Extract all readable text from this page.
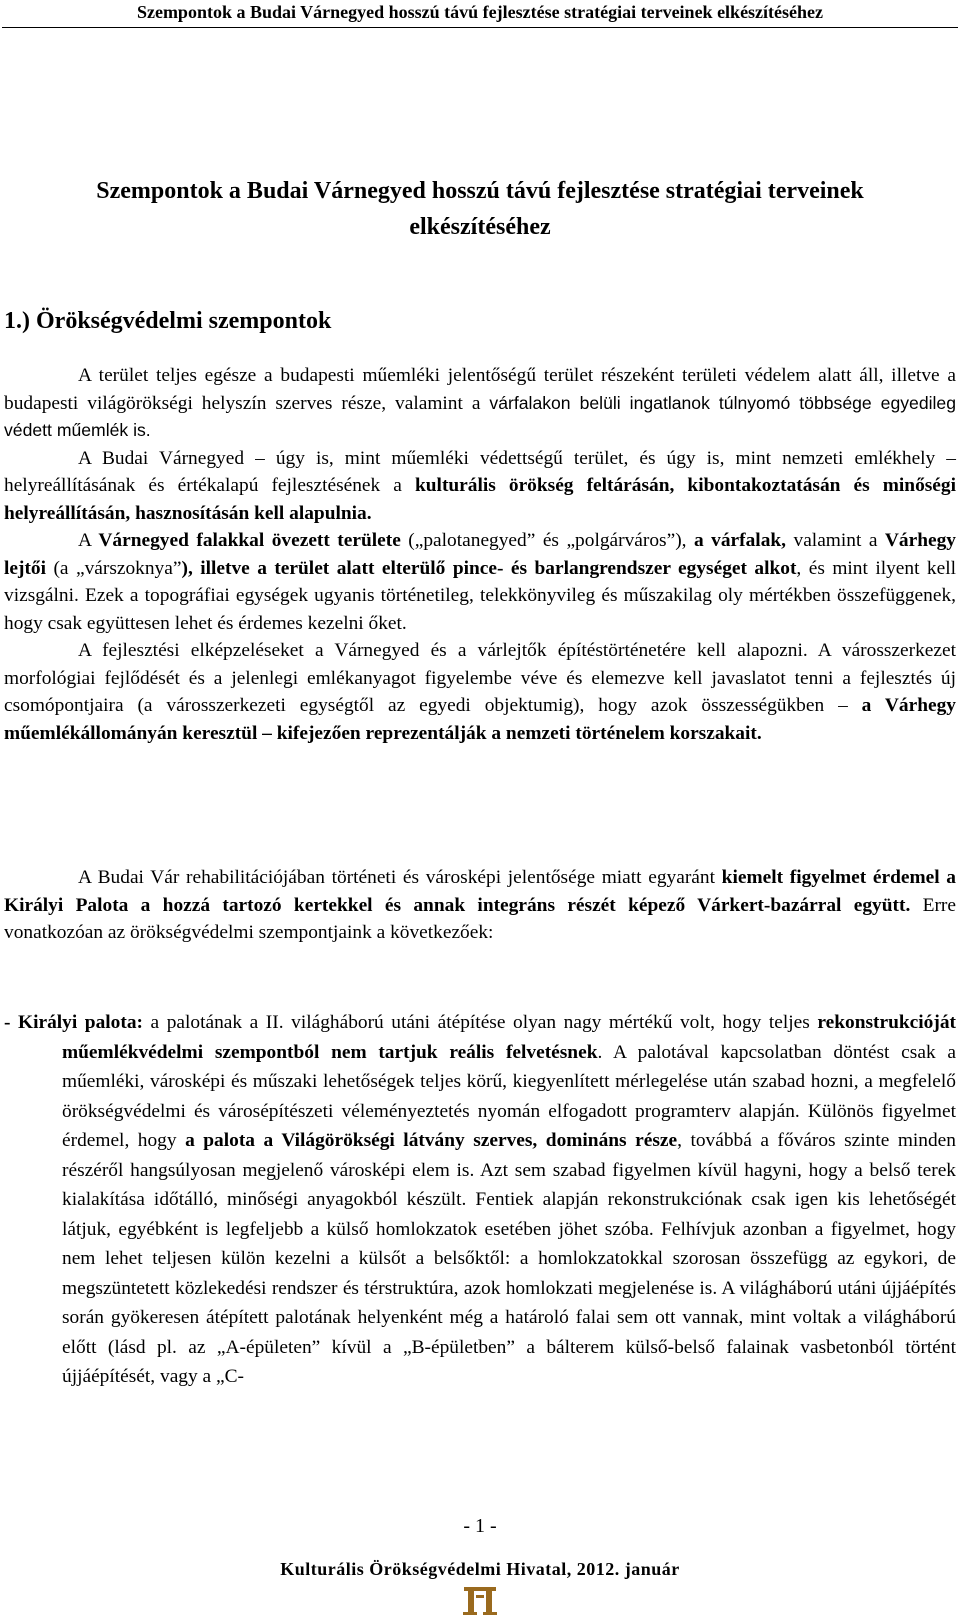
Szempontok a Budai Várnegyed hosszú távú fejlesztése stratégiai terveinek elkészítéséhez
Szempontok a Budai Várnegyed hosszú távú fejlesztése stratégiai terveinek
elkészítéséhez
1.) Örökségvédelmi szempontok

A terület teljes egésze a budapesti műemléki jelentőségű terület részeként területi védelem alatt áll, illetve a budapesti világörökségi helyszín szerves része, valamint a várfalakon belüli ingatlanok túlnyomó többsége egyedileg védett műemlék is.

A Budai Várnegyed – úgy is, mint műemléki védettségű terület, és úgy is, mint nemzeti emlékhely – helyreállításának és értékalapú fejlesztésének a kulturális örökség feltárásán, kibontakoztatásán és minőségi helyreállításán, hasznosításán kell alapulnia.

A Várnegyed falakkal övezett területe („palotanegyed” és „polgárváros”), a várfalak, valamint a Várhegy lejtői (a „várszoknya”), illetve a terület alatt elterülő pince- és barlangrendszer egységet alkot, és mint ilyent kell vizsgálni. Ezek a topográfiai egységek ugyanis történetileg, telekkönyvileg és műszakilag oly mértékben összefüggenek, hogy csak együttesen lehet és érdemes kezelni őket.

A fejlesztési elképzeléseket a Várnegyed és a várlejtők építéstörténetére kell alapozni. A városszerkezet morfológiai fejlődését és a jelenlegi emlékanyagot figyelembe véve és elemezve kell javaslatot tenni a fejlesztés új csomópontjaira (a városszerkezeti egységtől az egyedi objektumig), hogy azok összességükben – a Várhegy műemlékállományán keresztül – kifejezően reprezentálják a nemzeti történelem korszakait.

A Budai Vár rehabilitációjában történeti és városképi jelentősége miatt egyaránt kiemelt figyelmet érdemel a Királyi Palota a hozzá tartozó kertekkel és annak integráns részét képező Várkert-bazárral együtt. Erre vonatkozóan az örökségvédelmi szempontjaink a következőek:

- Királyi palota: a palotának a II. világháború utáni átépítése olyan nagy mértékű volt, hogy teljes rekonstrukcióját műemlékvédelmi szempontból nem tartjuk reális felvetésnek. A palotával kapcsolatban döntést csak a műemléki, városképi és műszaki lehetőségek teljes körű, kiegyenlített mérlegelése után szabad hozni, a megfelelő örökségvédelmi és városépítészeti véleményeztetés nyomán elfogadott programterv alapján. Különös figyelmet érdemel, hogy a palota a Világörökségi látvány szerves, domináns része, továbbá a főváros szinte minden részéről hangsúlyosan megjelenő városképi elem is. Azt sem szabad figyelmen kívül hagyni, hogy a belső terek kialakítása időtálló, minőségi anyagokból készült. Fentiek alapján rekonstrukciónak csak igen kis lehetőségét látjuk, egyébként is legfeljebb a külső homlokzatok esetében jöhet szóba. Felhívjuk azonban a figyelmet, hogy nem lehet teljesen külön kezelni a külsőt a belsőktől: a homlokzatokkal szorosan összefügg az egykori, de megszüntetett közlekedési rendszer és térstruktúra, azok homlokzati megjelenése is. A világháború utáni újjáépítés során gyökeresen átépített palotának helyenként még a határoló falai sem ott vannak, mint voltak a világháború előtt (lásd pl. az „A-épületen” kívül a „B-épületben” a bálterem külső-belső falainak vasbetonból történt újjáépítését, vagy a „C-

- 1 -
Kulturális Örökségvédelmi Hivatal, 2012. január
